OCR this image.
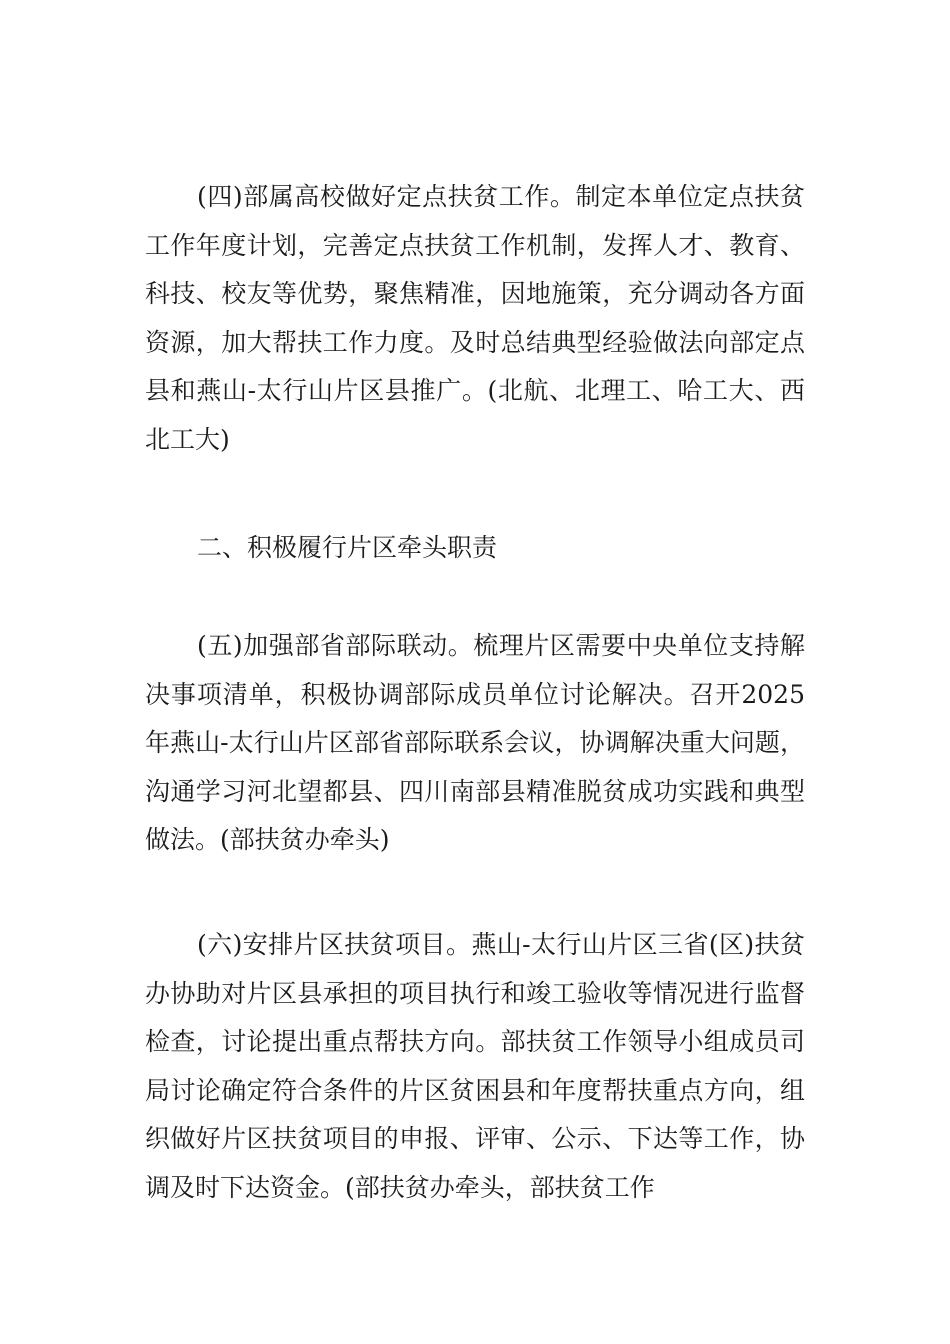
(四)部属高校做好定点扶贫工作。制定本单位定点扶贫工作年度计划，完善定点扶贫工作机制，发挥人才、教育、科技、校友等优势，聚焦精准，因地施策，充分调动各方面资源，加大帮扶工作力度。及时总结典型经验做法向部定点县和燕山-太行山片区县推广。(北航、北理工、哈工大、西北工大)

二、积极履行片区牵头职责

(五)加强部省部际联动。梳理片区需要中央单位支持解决事项清单，积极协调部际成员单位讨论解决。召开2025年燕山-太行山片区部省部际联系会议，协调解决重大问题，沟通学习河北望都县、四川南部县精准脱贫成功实践和典型做法。(部扶贫办牵头)

(六)安排片区扶贫项目。燕山-太行山片区三省(区)扶贫办协助对片区县承担的项目执行和竣工验收等情况进行监督检查，讨论提出重点帮扶方向。部扶贫工作领导小组成员司局讨论确定符合条件的片区贫困县和年度帮扶重点方向，组织做好片区扶贫项目的申报、评审、公示、下达等工作，协调及时下达资金。(部扶贫办牵头，部扶贫工作
